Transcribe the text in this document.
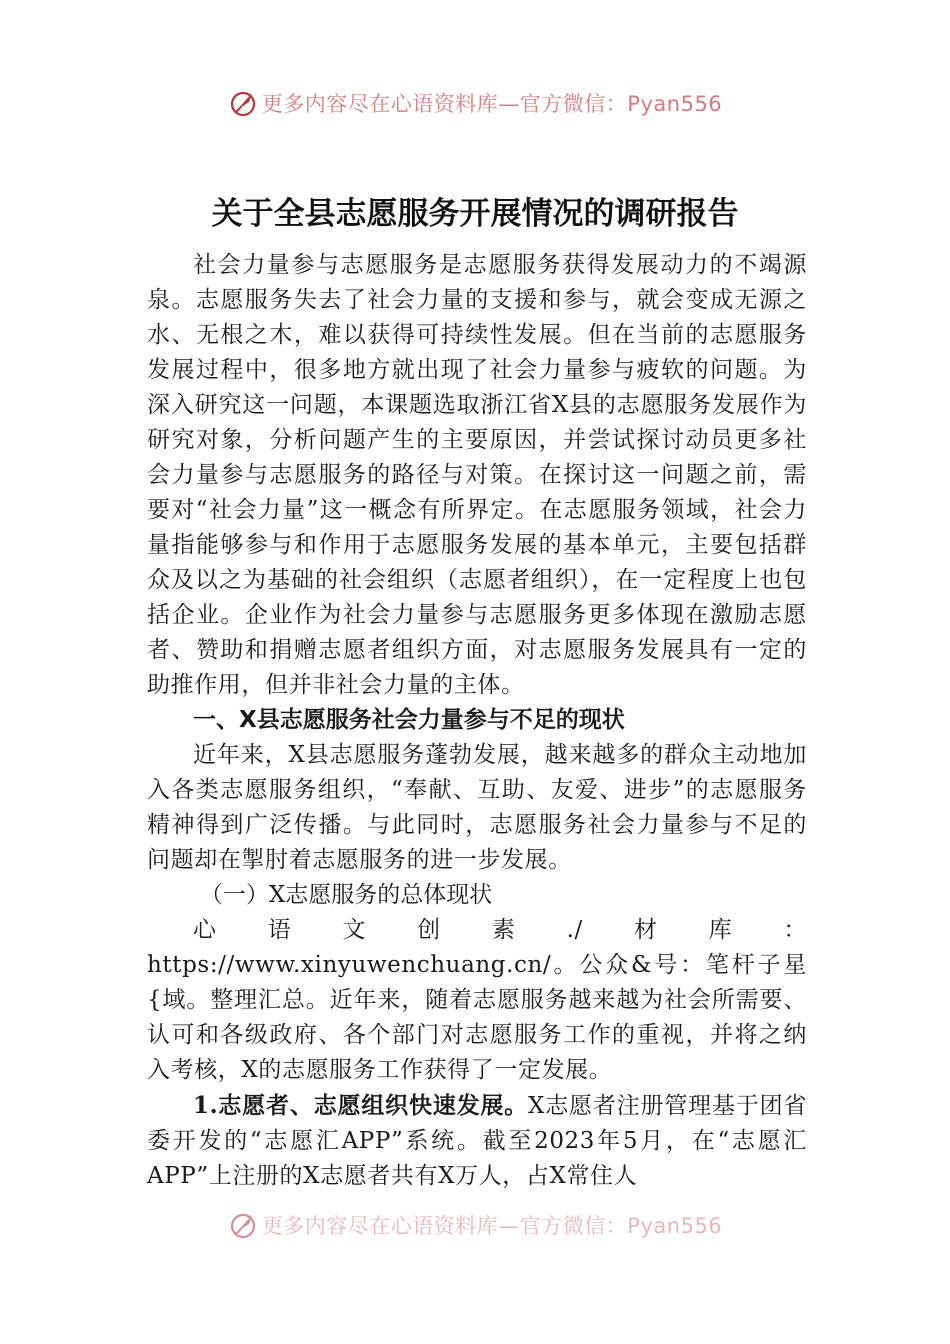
更多内容尽在心语资料库—官方微信：Pyan556
关于全县志愿服务开展情况的调研报告

社会力量参与志愿服务是志愿服务获得发展动力的不竭源泉。志愿服务失去了社会力量的支援和参与，就会变成无源之水、无根之木，难以获得可持续性发展。但在当前的志愿服务发展过程中，很多地方就出现了社会力量参与疲软的问题。为深入研究这一问题，本课题选取浙江省X县的志愿服务发展作为研究对象，分析问题产生的主要原因，并尝试探讨动员更多社会力量参与志愿服务的路径与对策。在探讨这一问题之前，需要对“社会力量”这一概念有所界定。在志愿服务领域，社会力量指能够参与和作用于志愿服务发展的基本单元，主要包括群众及以之为基础的社会组织（志愿者组织），在一定程度上也包括企业。企业作为社会力量参与志愿服务更多体现在激励志愿者、赞助和捐赠志愿者组织方面，对志愿服务发展具有一定的助推作用，但并非社会力量的主体。

一、X县志愿服务社会力量参与不足的现状

近年来，X县志愿服务蓬勃发展，越来越多的群众主动地加入各类志愿服务组织，“奉献、互助、友爱、进步”的志愿服务精神得到广泛传播。与此同时，志愿服务社会力量参与不足的问题却在掣肘着志愿服务的进一步发展。

（一）X志愿服务的总体现状

心语文创素./材库：https://www.xinyuwenchuang.cn/。公众&号：笔杆子星{域。整理汇总。近年来，随着志愿服务越来越为社会所需要、认可和各级政府、各个部门对志愿服务工作的重视，并将之纳入考核，X的志愿服务工作获得了一定发展。

1.志愿者、志愿组织快速发展。X志愿者注册管理基于团省委开发的“志愿汇APP”系统。截至2023年5月，在“志愿汇APP”上注册的X志愿者共有X万人，占X常住人

更多内容尽在心语资料库—官方微信：Pyan556
